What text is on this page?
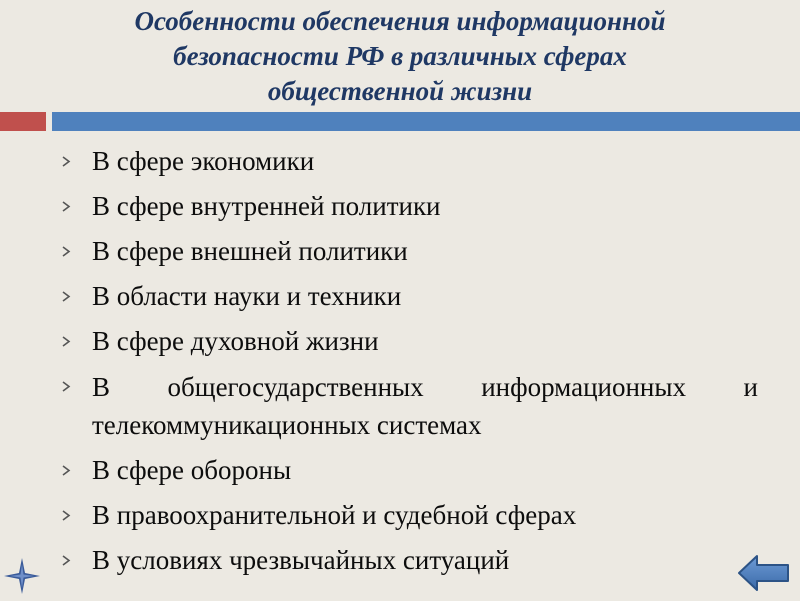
Особенности обеспечения информационной
безопасности РФ в различных сферах
общественной жизни
В сфере экономики
В сфере внутренней политики
В сфере внешней политики
В области науки и техники
В сфере духовной жизни
В общегосударственных информационных и телекоммуникационных системах
В сфере обороны
В правоохранительной и судебной сферах
В условиях чрезвычайных ситуаций
